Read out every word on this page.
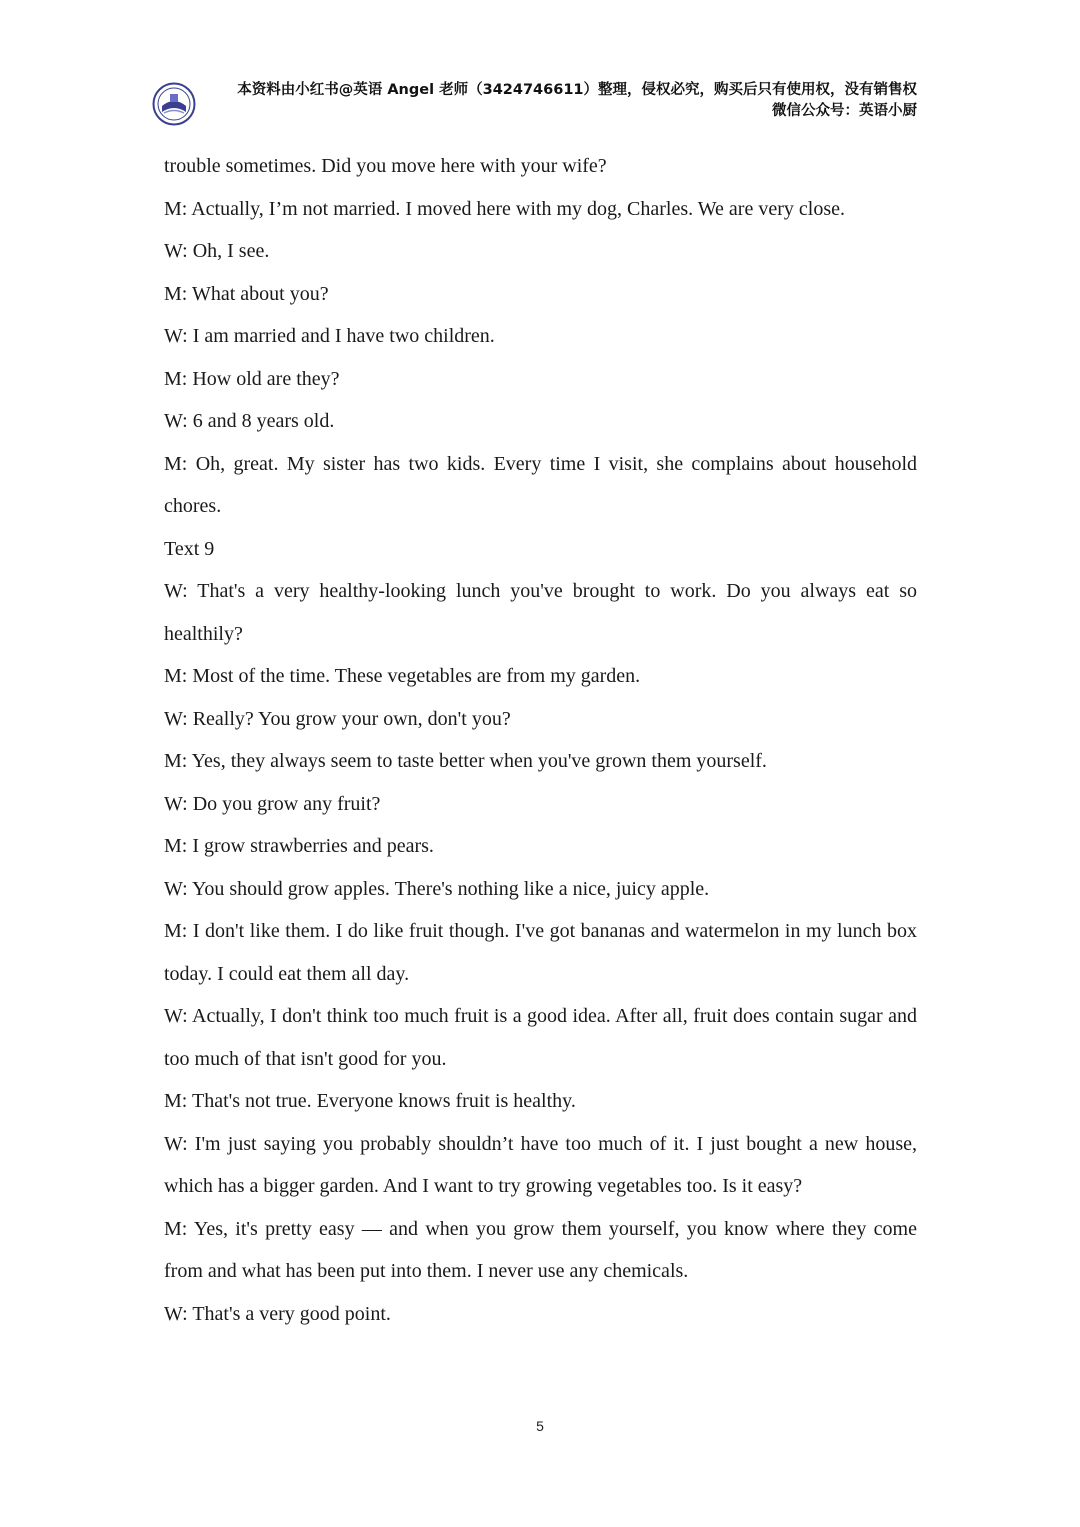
本资料由小红书@英语 Angel 老师（3424746611）整理，侵权必究，购买后只有使用权，没有销售权
微信公众号：英语小厨

trouble sometimes. Did you move here with your wife?

M: Actually, I’m not married. I moved here with my dog, Charles. We are very close.

W: Oh, I see.

M: What about you?

W: I am married and I have two children.

M: How old are they?

W: 6 and 8 years old.

M: Oh, great. My sister has two kids. Every time I visit, she complains about household chores.

Text 9

W: That's a very healthy-looking lunch you've brought to work. Do you always eat so healthily?

M: Most of the time. These vegetables are from my garden.

W: Really? You grow your own, don't you?

M: Yes, they always seem to taste better when you've grown them yourself.

W: Do you grow any fruit?

M: I grow strawberries and pears.

W: You should grow apples. There's nothing like a nice, juicy apple.

M: I don't like them. I do like fruit though. I've got bananas and watermelon in my lunch box today. I could eat them all day.

W: Actually, I don't think too much fruit is a good idea. After all, fruit does contain sugar and too much of that isn't good for you.

M: That's not true. Everyone knows fruit is healthy.

W: I'm just saying you probably shouldn’t have too much of it. I just bought a new house, which has a bigger garden. And I want to try growing vegetables too. Is it easy?

M: Yes, it's pretty easy — and when you grow them yourself, you know where they come from and what has been put into them. I never use any chemicals.

W: That's a very good point.

5
